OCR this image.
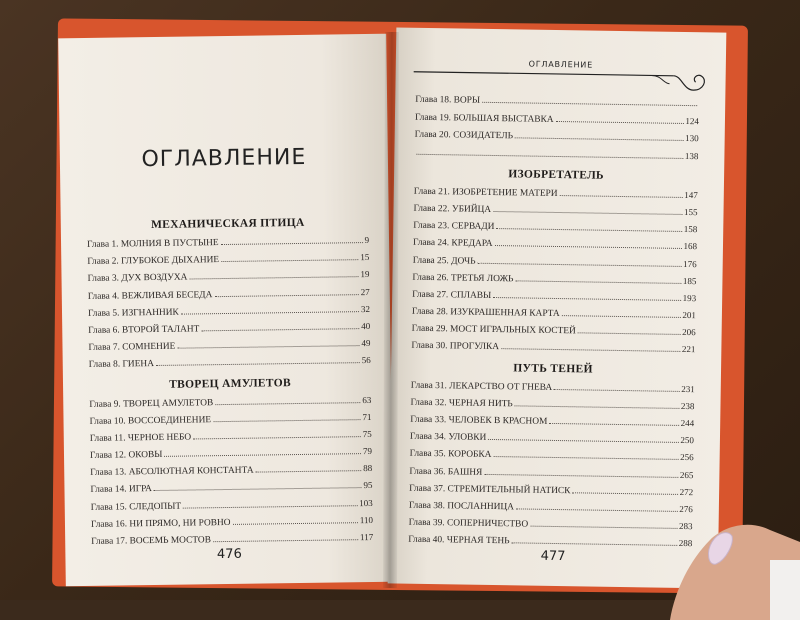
ОГЛАВЛЕНИЕ
МЕХАНИЧЕСКАЯ ПТИЦА
Глава 1. МОЛНИЯ В ПУСТЫНЕ	9
Глава 2. ГЛУБОКОЕ ДЫХАНИЕ	15
Глава 3. ДУХ ВОЗДУХА	19
Глава 4. ВЕЖЛИВАЯ БЕСЕДА	27
Глава 5. ИЗГНАННИК	32
Глава 6. ВТОРОЙ ТАЛАНТ	40
Глава 7. СОМНЕНИЕ	49
Глава 8. ГИЕНА	56
ТВОРЕЦ АМУЛЕТОВ
Глава 9. ТВОРЕЦ АМУЛЕТОВ	63
Глава 10. ВОССОЕДИНЕНИЕ	71
Глава 11. ЧЕРНОЕ НЕБО	75
Глава 12. ОКОВЫ	79
Глава 13. АБСОЛЮТНАЯ КОНСТАНТА	88
Глава 14. ИГРА	95
Глава 15. СЛЕДОПЫТ	103
Глава 16. НИ ПРЯМО, НИ РОВНО	110
Глава 17. ВОСЕМЬ МОСТОВ	117
476
ОГЛАВЛЕНИЕ
Глава 18. ВОРЫ
Глава 19. БОЛЬШАЯ ВЫСТАВКА	124
Глава 20. СОЗИДАТЕЛЬ	130
138
ИЗОБРЕТАТЕЛЬ
Глава 21. ИЗОБРЕТЕНИЕ МАТЕРИ	147
Глава 22. УБИЙЦА	155
Глава 23. СЕРВАДИ	158
Глава 24. КРЕДАРА	168
Глава 25. ДОЧЬ	176
Глава 26. ТРЕТЬЯ ЛОЖЬ	185
Глава 27. СПЛАВЫ	193
Глава 28. ИЗУКРАШЕННАЯ КАРТА	201
Глава 29. МОСТ ИГРАЛЬНЫХ КОСТЕЙ	206
Глава 30. ПРОГУЛКА	221
ПУТЬ ТЕНЕЙ
Глава 31. ЛЕКАРСТВО ОТ ГНЕВА	231
Глава 32. ЧЕРНАЯ НИТЬ	238
Глава 33. ЧЕЛОВЕК В КРАСНОМ	244
Глава 34. УЛОВКИ	250
Глава 35. КОРОБКА	256
Глава 36. БАШНЯ	265
Глава 37. СТРЕМИТЕЛЬНЫЙ НАТИСК	272
Глава 38. ПОСЛАННИЦА	276
Глава 39. СОПЕРНИЧЕСТВО	283
Глава 40. ЧЕРНАЯ ТЕНЬ	288
477
